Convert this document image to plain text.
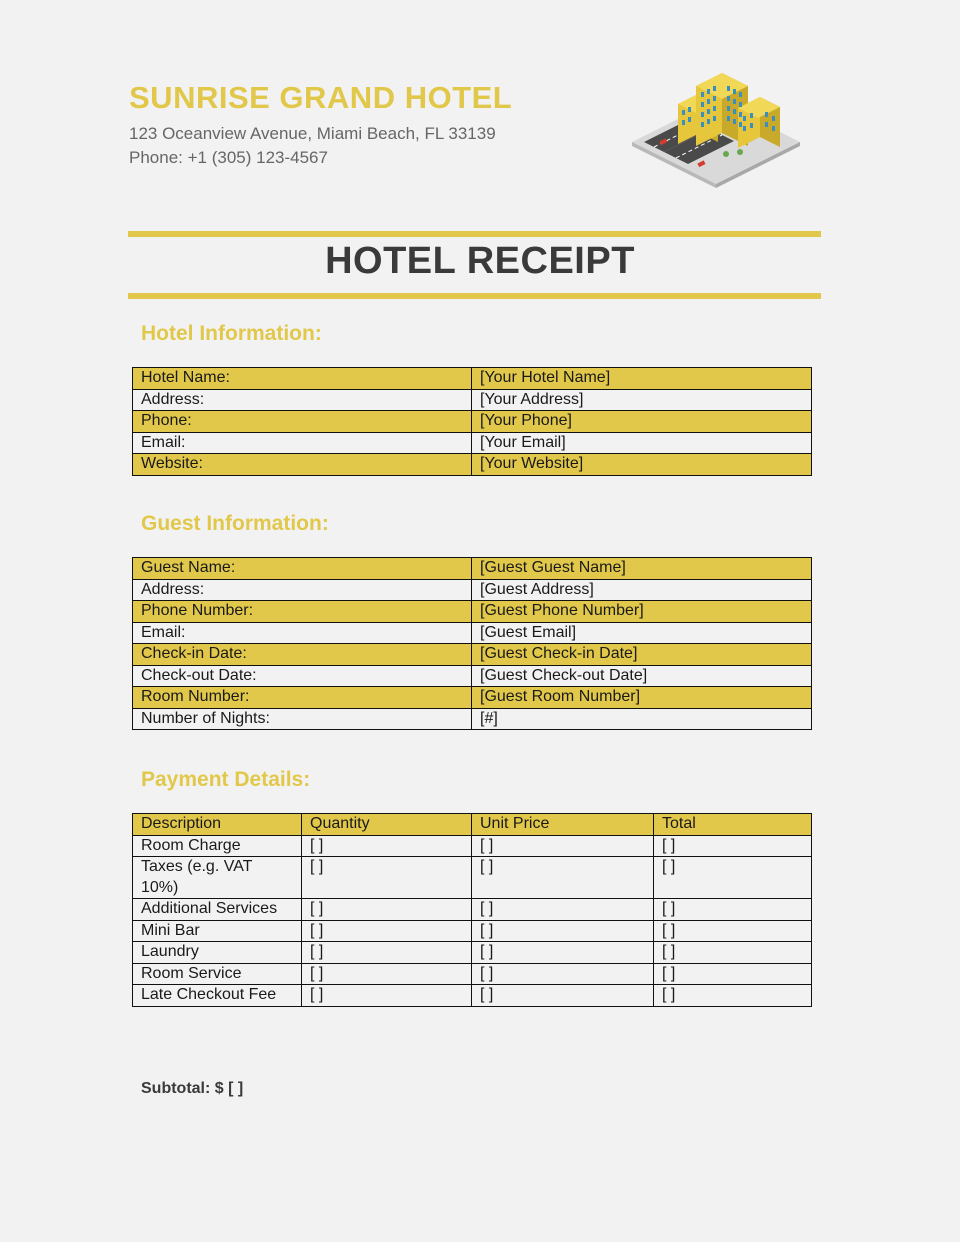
SUNRISE GRAND HOTEL
123 Oceanview Avenue, Miami Beach, FL 33139
Phone: +1 (305) 123-4567
HOTEL RECEIPT
Hotel Information:
Hotel Name:	[Your Hotel Name]
Address:	[Your Address]
Phone:	[Your Phone]
Email:	[Your Email]
Website:	[Your Website]
Guest Information:
Guest Name:	[Guest Guest Name]
Address:	[Guest Address]
Phone Number:	[Guest Phone Number]
Email:	[Guest Email]
Check-in Date:	[Guest Check-in Date]
Check-out Date:	[Guest Check-out Date]
Room Number:	[Guest Room Number]
Number of Nights:	[#]
Payment Details:
Description	Quantity	Unit Price	Total
Room Charge	[ ]	[ ]	[ ]
Taxes (e.g. VAT 10%)	[ ]	[ ]	[ ]
Additional Services	[ ]	[ ]	[ ]
Mini Bar	[ ]	[ ]	[ ]
Laundry	[ ]	[ ]	[ ]
Room Service	[ ]	[ ]	[ ]
Late Checkout Fee	[ ]	[ ]	[ ]
Subtotal: $ [ ]
